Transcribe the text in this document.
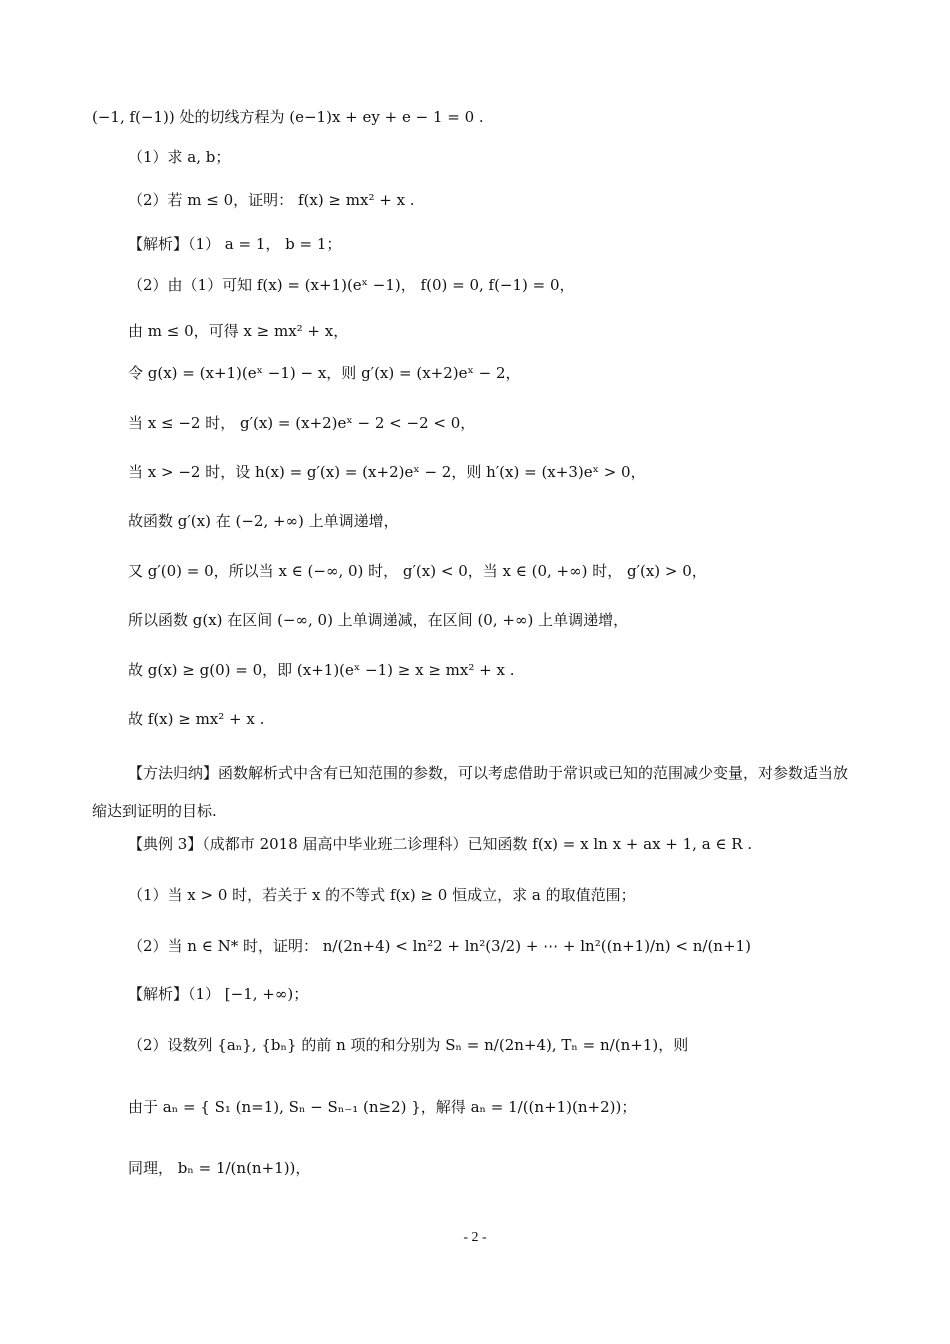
(−1, f(−1)) 处的切线方程为 (e−1)x + ey + e − 1 = 0 .
（1）求 a, b；
（2）若 m ≤ 0，证明： f(x) ≥ mx² + x .
【解析】（1） a = 1， b = 1；
（2）由（1）可知 f(x) = (x+1)(eˣ −1)， f(0) = 0, f(−1) = 0，
由 m ≤ 0，可得 x ≥ mx² + x，
令 g(x) = (x+1)(eˣ −1) − x，则 g′(x) = (x+2)eˣ − 2，
当 x ≤ −2 时， g′(x) = (x+2)eˣ − 2 < −2 < 0，
当 x > −2 时，设 h(x) = g′(x) = (x+2)eˣ − 2，则 h′(x) = (x+3)eˣ > 0，
故函数 g′(x) 在 (−2, +∞) 上单调递增，
又 g′(0) = 0，所以当 x ∈ (−∞, 0) 时， g′(x) < 0，当 x ∈ (0, +∞) 时， g′(x) > 0，
所以函数 g(x) 在区间 (−∞, 0) 上单调递减，在区间 (0, +∞) 上单调递增，
故 g(x) ≥ g(0) = 0，即 (x+1)(eˣ −1) ≥ x ≥ mx² + x .
故 f(x) ≥ mx² + x .
【方法归纳】函数解析式中含有已知范围的参数，可以考虑借助于常识或已知的范围减少变量，对参数适当放缩达到证明的目标.
【典例 3】（成都市 2018 届高中毕业班二诊理科）已知函数 f(x) = x ln x + ax + 1, a ∈ R .
（1）当 x > 0 时，若关于 x 的不等式 f(x) ≥ 0 恒成立，求 a 的取值范围；
（2）当 n ∈ N* 时，证明： n/(2n+4) < ln²2 + ln²(3/2) + ⋯ + ln²((n+1)/n) < n/(n+1)
【解析】（1） [−1, +∞)；
（2）设数列 {aₙ}, {bₙ} 的前 n 项的和分别为 Sₙ = n/(2n+4), Tₙ = n/(n+1)，则
由于 aₙ = { S₁ (n=1), Sₙ − Sₙ₋₁ (n≥2) }，解得 aₙ = 1/((n+1)(n+2))；
同理， bₙ = 1/(n(n+1))，
- 2 -
